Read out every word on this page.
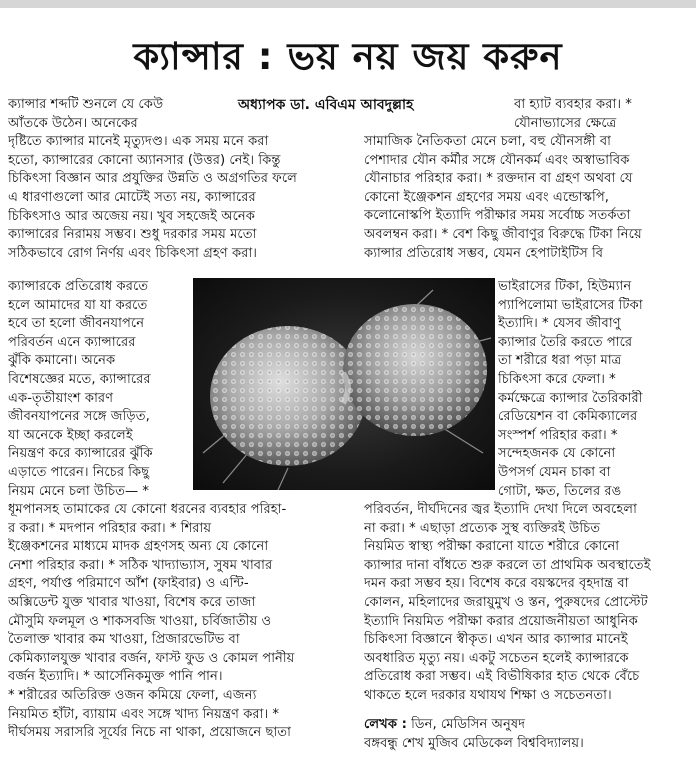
ক্যান্সার : ভয় নয় জয় করুন
অধ্যাপক ডা. এবিএম আবদুল্লাহ

ক্যান্সার শব্দটি শুনলে যে কেউ

আঁতকে উঠেন। অনেকের

দৃষ্টিতে ক্যান্সার মানেই মৃত্যুদণ্ড। এক সময় মনে করা

হতো, ক্যান্সারের কোনো অ্যানসার (উত্তর) নেই। কিন্তু

চিকিৎসা বিজ্ঞান আর প্রযুক্তির উন্নতি ও অগ্রগতির ফলে

এ ধারণাগুলো আর মোটেই সত্য নয়, ক্যান্সারের

চিকিৎসাও আর অজেয় নয়। খুব সহজেই অনেক

ক্যান্সারের নিরাময় সম্ভব। শুধু দরকার সময় মতো

সঠিকভাবে রোগ নির্ণয় এবং চিকিৎসা গ্রহণ করা।

ক্যান্সারকে প্রতিরোধ করতে

হলে আমাদের যা যা করতে

হবে তা হলো জীবনযাপনে

পরিবর্তন এনে ক্যান্সারের

ঝুঁকি কমানো। অনেক

বিশেষজ্ঞের মতে, ক্যান্সারের

এক-তৃতীয়াংশ কারণ

জীবনযাপনের সঙ্গে জড়িত,

যা অনেকে ইচ্ছা করলেই

নিয়ন্ত্রণ করে ক্যান্সারের ঝুঁকি

এড়াতে পারেন। নিচের কিছু

নিয়ম মেনে চলা উচিত— *

ধূমপানসহ তামাকের যে কোনো ধরনের ব্যবহার পরিহা-

র করা। * মদপান পরিহার করা। * শিরায়

ইঞ্জেকশনের মাধ্যমে মাদক গ্রহণসহ অন্য যে কোনো

নেশা পরিহার করা। * সঠিক খাদ্যাভ্যাস, সুষম খাবার

গ্রহণ, পর্যাপ্ত পরিমাণে আঁশ (ফাইবার) ও এন্টি-

অক্সিডেন্ট যুক্ত খাবার খাওয়া, বিশেষ করে তাজা

মৌসুমি ফলমূল ও শাকসবজি খাওয়া, চর্বিজাতীয় ও

তৈলাক্ত খাবার কম খাওয়া, প্রিজারভেটিভ বা

কেমিক্যালযুক্ত খাবার বর্জন, ফাস্ট ফুড ও কোমল পানীয়

বর্জন ইত্যাদি। * আর্সেনিকমুক্ত পানি পান।

* শরীরের অতিরিক্ত ওজন কমিয়ে ফেলা, এজন্য

নিয়মিত হাঁটা, ব্যায়াম এবং সঙ্গে খাদ্য নিয়ন্ত্রণ করা। *

দীর্ঘসময় সরাসরি সূর্যের নিচে না থাকা, প্রয়োজনে ছাতা

বা হ্যাট ব্যবহার করা। *

যৌনাভ্যাসের ক্ষেত্রে

সামাজিক নৈতিকতা মেনে চলা, বহু যৌনসঙ্গী বা

পেশাদার যৌন কর্মীর সঙ্গে যৌনকর্ম এবং অস্বাভাবিক

যৌনাচার পরিহার করা। * রক্তদান বা গ্রহণ অথবা যে

কোনো ইঞ্জেকশন গ্রহণের সময় এবং এন্ডোস্কপি,

কলোনোস্কপি ইত্যাদি পরীক্ষার সময় সর্বোচ্চ সতর্কতা

অবলম্বন করা। * বেশ কিছু জীবাণুর বিরুদ্ধে টিকা নিয়ে

ক্যান্সার প্রতিরোধ সম্ভব, যেমন হেপাটাইটিস বি

ভাইরাসের টিকা, হিউম্যান

প্যাপিলোমা ভাইরাসের টিকা

ইত্যাদি। * যেসব জীবাণু

ক্যান্সার তৈরি করতে পারে

তা শরীরে ধরা পড়া মাত্র

চিকিৎসা করে ফেলা। *

কর্মক্ষেত্রে ক্যান্সার তৈরিকারী

রেডিয়েশন বা কেমিক্যালের

সংস্পর্শ পরিহার করা। *

সন্দেহজনক যে কোনো

উপসর্গ যেমন চাকা বা

গোটা, ক্ষত, তিলের রঙ

পরিবর্তন, দীর্ঘদিনের জ্বর ইত্যাদি দেখা দিলে অবহেলা

না করা। * এছাড়া প্রত্যেক সুস্থ ব্যক্তিরই উচিত

নিয়মিত স্বাস্থ্য পরীক্ষা করানো যাতে শরীরে কোনো

ক্যান্সার দানা বাঁধতে শুরু করলে তা প্রাথমিক অবস্থাতেই

দমন করা সম্ভব হয়। বিশেষ করে বয়স্কদের বৃহদান্ত্র বা

কোলন, মহিলাদের জরায়ুমুখ ও স্তন, পুরুষদের প্রোস্টেট

ইত্যাদি নিয়মিত পরীক্ষা করার প্রয়োজনীয়তা আধুনিক

চিকিৎসা বিজ্ঞানে স্বীকৃত। এখন আর ক্যান্সার মানেই

অবধারিত মৃত্যু নয়। একটু সচেতন হলেই ক্যান্সারকে

প্রতিরোধ করা সম্ভব। এই বিভীষিকার হাত থেকে বেঁচে

থাকতে হলে দরকার যথাযথ শিক্ষা ও সচেতনতা।

লেখক : ডিন, মেডিসিন অনুষদ

বঙ্গবন্ধু শেখ মুজিব মেডিকেল বিশ্ববিদ্যালয়।
